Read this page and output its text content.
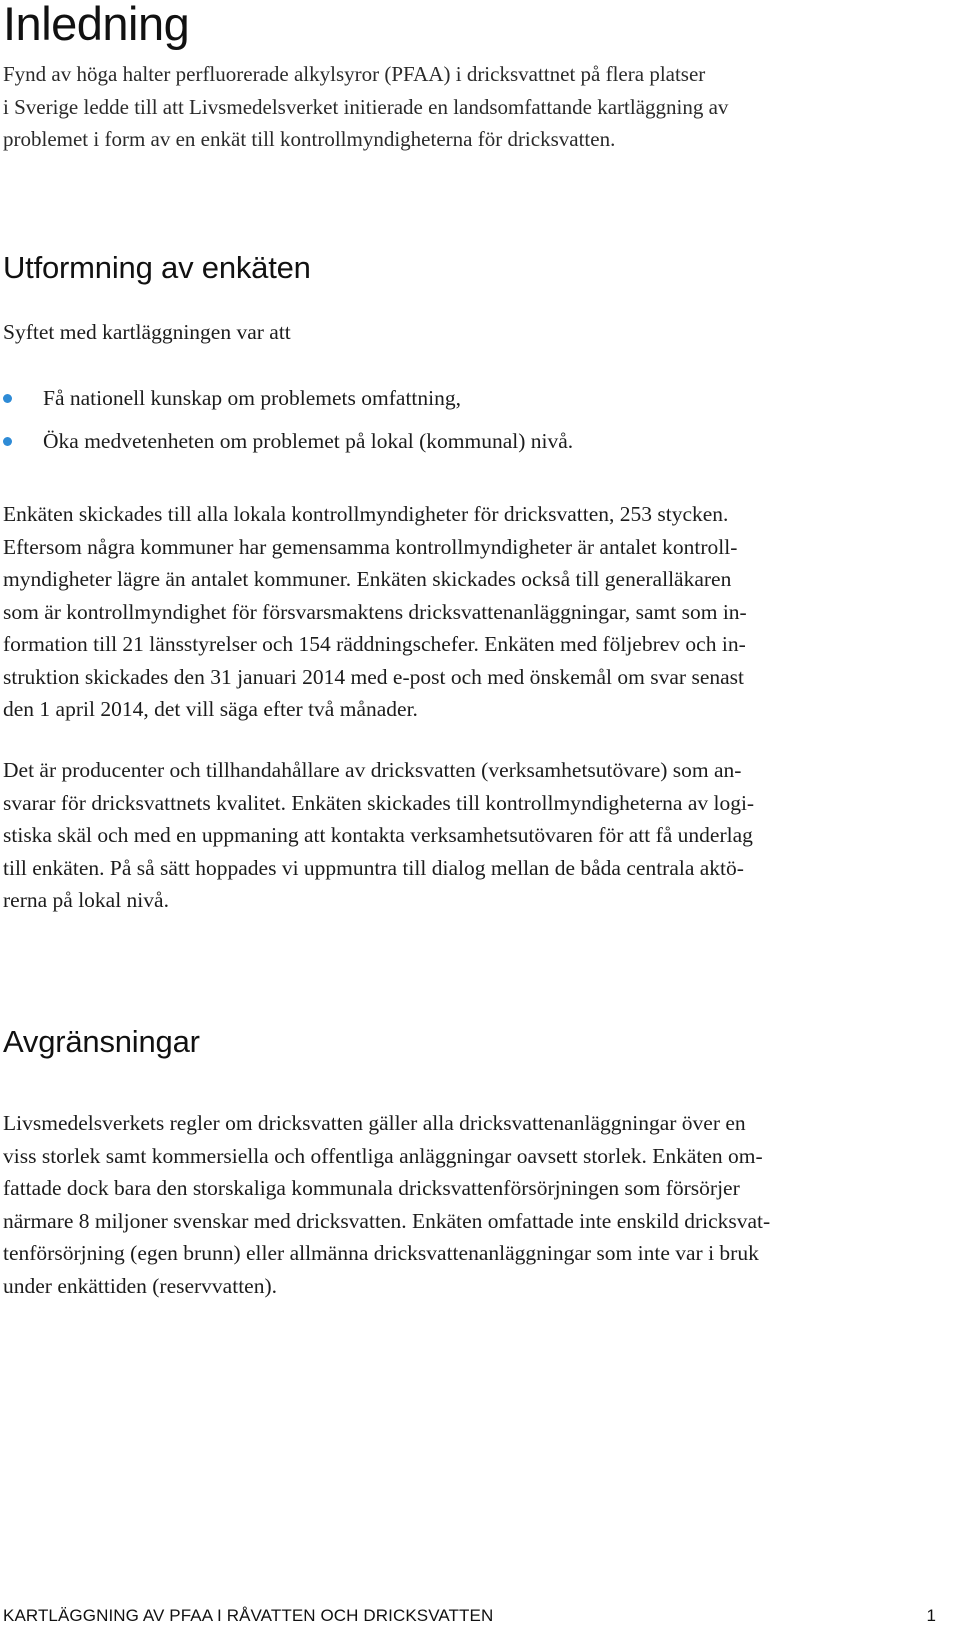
Inledning
Fynd av höga halter perfluorerade alkylsyror (PFAA) i dricksvattnet på flera platser
i Sverige ledde till att Livsmedelsverket initierade en landsomfattande kartläggning av
problemet i form av en enkät till kontrollmyndigheterna för dricksvatten.
Utformning av enkäten

Syftet med kartläggningen var att

Få nationell kunskap om problemets omfattning,
Öka medvetenheten om problemet på lokal (kommunal) nivå.
Enkäten skickades till alla lokala kontrollmyndigheter för dricksvatten, 253 stycken.
Eftersom några kommuner har gemensamma kontrollmyndigheter är antalet kontroll-
myndigheter lägre än antalet kommuner. Enkäten skickades också till generalläkaren
som är kontrollmyndighet för försvarsmaktens dricksvattenanläggningar, samt som in-
formation till 21 länsstyrelser och 154 räddningschefer. Enkäten med följebrev och in-
struktion skickades den 31 januari 2014 med e-post och med önskemål om svar senast
den 1 april 2014, det vill säga efter två månader.
Det är producenter och tillhandahållare av dricksvatten (verksamhetsutövare) som an-
svarar för dricksvattnets kvalitet. Enkäten skickades till kontrollmyndigheterna av logi-
stiska skäl och med en uppmaning att kontakta verksamhetsutövaren för att få underlag
till enkäten. På så sätt hoppades vi uppmuntra till dialog mellan de båda centrala aktö-
rerna på lokal nivå.
Avgränsningar
Livsmedelsverkets regler om dricksvatten gäller alla dricksvattenanläggningar över en
viss storlek samt kommersiella och offentliga anläggningar oavsett storlek. Enkäten om-
fattade dock bara den storskaliga kommunala dricksvattenförsörjningen som försörjer
närmare 8 miljoner svenskar med dricksvatten. Enkäten omfattade inte enskild dricksvat-
tenförsörjning (egen brunn) eller allmänna dricksvattenanläggningar som inte var i bruk
under enkättiden (reservvatten).
KARTLÄGGNING AV PFAA I RÅVATTEN OCH DRICKSVATTEN	1
